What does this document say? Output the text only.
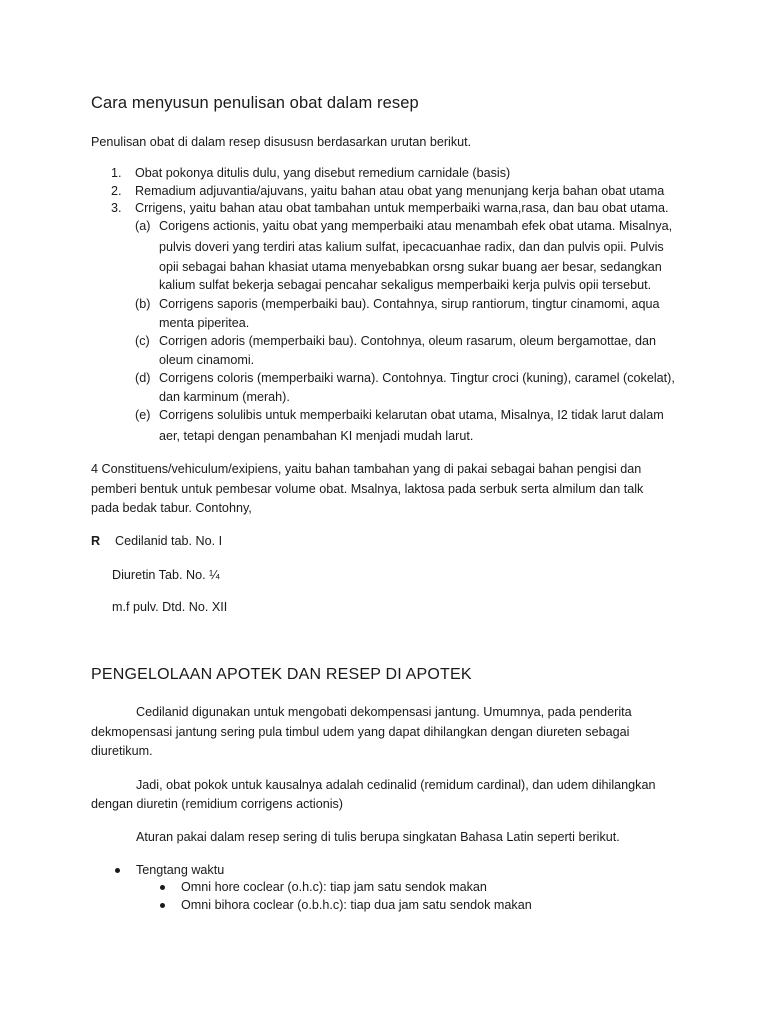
Cara menyusun penulisan obat dalam resep
Penulisan obat di dalam resep disususn berdasarkan urutan berikut.
1. Obat pokonya ditulis dulu, yang disebut remedium carnidale (basis)
2. Remadium adjuvantia/ajuvans, yaitu bahan atau obat yang menunjang kerja bahan obat utama
3. Crrigens, yaitu bahan atau obat tambahan untuk memperbaiki warna,rasa, dan bau obat utama.
(a) Corigens actionis, yaitu obat yang memperbaiki atau menambah efek obat utama. Misalnya,
pulvis doveri yang terdiri atas kalium sulfat, ipecacuanhae radix, dan dan pulvis opii. Pulvis
opii sebagai bahan khasiat utama menyebabkan orsng sukar buang aer besar, sedangkan
kalium sulfat bekerja sebagai pencahar sekaligus memperbaiki kerja pulvis opii tersebut.
(b) Corrigens saporis (memperbaiki bau). Contahnya, sirup rantiorum, tingtur cinamomi, aqua
menta piperitea.
(c) Corrigen adoris (memperbaiki bau). Contohnya, oleum rasarum, oleum bergamottae, dan
oleum cinamomi.
(d) Corrigens coloris (memperbaiki warna). Contohnya. Tingtur croci (kuning), caramel (cokelat),
dan karminum (merah).
(e) Corrigens solulibis untuk memperbaiki kelarutan obat utama, Misalnya, I2 tidak larut dalam
aer, tetapi dengan penambahan KI menjadi mudah larut.
4 Constituens/vehiculum/exipiens, yaitu bahan tambahan yang di pakai sebagai bahan pengisi dan
pemberi bentuk untuk pembesar volume obat. Msalnya, laktosa pada serbuk serta almilum dan talk
pada bedak tabur. Contohny,
R Cedilanid tab. No. I
Diuretin Tab. No. ¼
m.f pulv. Dtd. No. XII
PENGELOLAAN APOTEK DAN RESEP DI APOTEK
Cedilanid digunakan untuk mengobati dekompensasi jantung. Umumnya, pada penderita
dekmopensasi jantung sering pula timbul udem yang dapat dihilangkan dengan diureten sebagai
diuretikum.
Jadi, obat pokok untuk kausalnya adalah cedinalid (remidum cardinal), dan udem dihilangkan
dengan diuretin (remidium corrigens actionis)
Aturan pakai dalam resep sering di tulis berupa singkatan Bahasa Latin seperti berikut.
Tengtang waktu
Omni hore coclear (o.h.c): tiap jam satu sendok makan
Omni bihora coclear (o.b.h.c): tiap dua jam satu sendok makan
